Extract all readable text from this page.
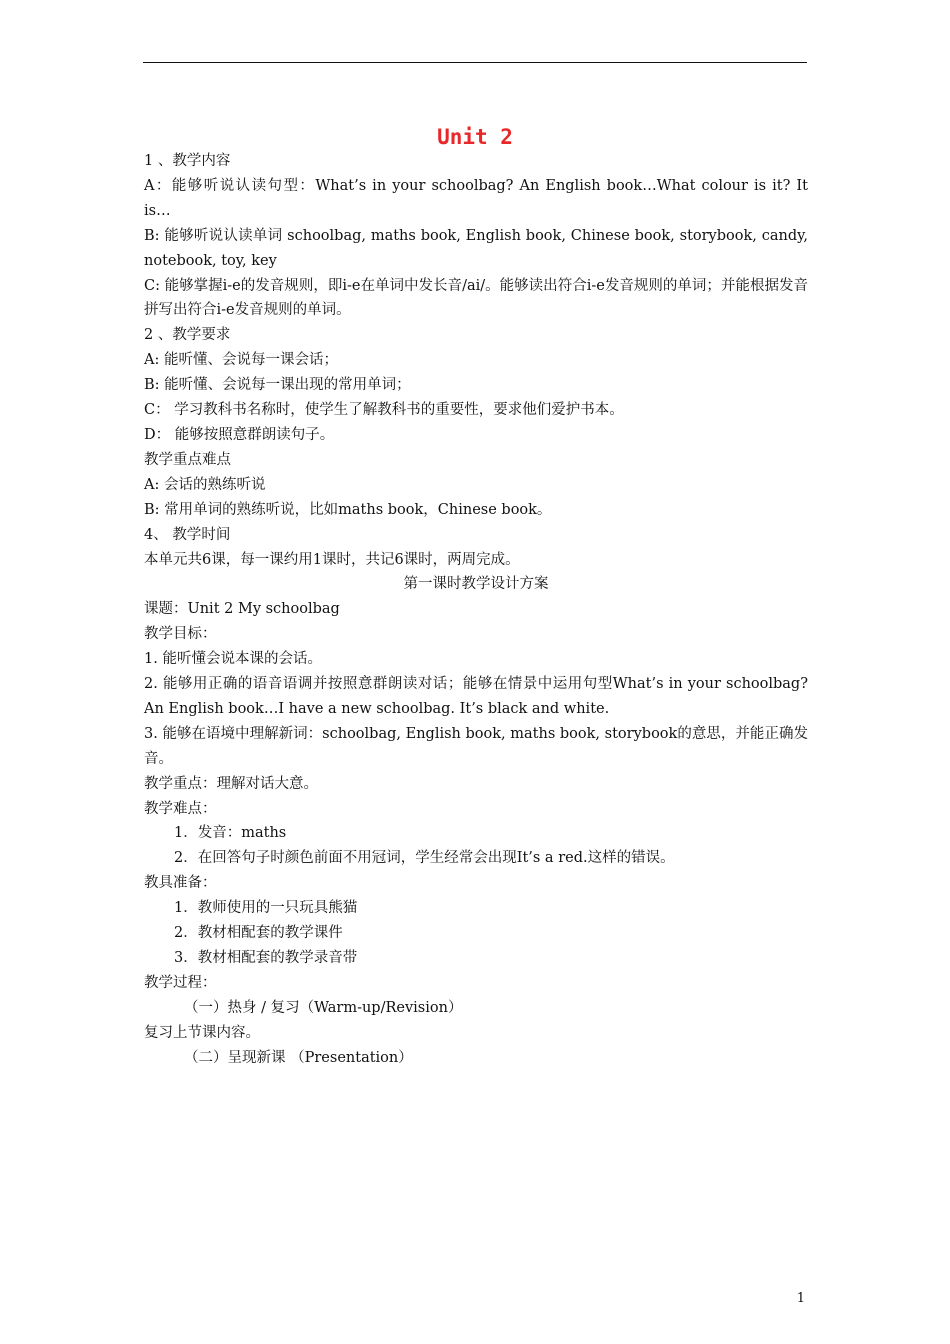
Unit 2

1 、教学内容

A：能够听说认读句型：What’s in your schoolbag? An English book…What colour is it? It is…

B: 能够听说认读单词 schoolbag, maths book, English book, Chinese book, storybook, candy, notebook, toy, key

C: 能够掌握i-e的发音规则，即i-e在单词中发长音/ai/。能够读出符合i-e发音规则的单词；并能根据发音拼写出符合i-e发音规则的单词。

2 、教学要求

A: 能听懂、会说每一课会话；

B: 能听懂、会说每一课出现的常用单词；

C： 学习教科书名称时，使学生了解教科书的重要性，要求他们爱护书本。

D： 能够按照意群朗读句子。

教学重点难点

A: 会话的熟练听说

B: 常用单词的熟练听说，比如maths book，Chinese book。

4、 教学时间

本单元共6课，每一课约用1课时，共记6课时，两周完成。

第一课时教学设计方案

课题：Unit 2 My schoolbag

教学目标：

1. 能听懂会说本课的会话。

2. 能够用正确的语音语调并按照意群朗读对话；能够在情景中运用句型What’s in your schoolbag? An English book…I have a new schoolbag. It’s black and white.

3. 能够在语境中理解新词：schoolbag, English book, maths book, storybook的意思，并能正确发音。

教学重点：理解对话大意。

教学难点：

1．发音：maths

2．在回答句子时颜色前面不用冠词，学生经常会出现It’s a red.这样的错误。

教具准备：

1．教师使用的一只玩具熊猫

2．教材相配套的教学课件

3．教材相配套的教学录音带

教学过程：

（一）热身 / 复习（Warm-up/Revision）

复习上节课内容。

（二）呈现新课 （Presentation）

1
